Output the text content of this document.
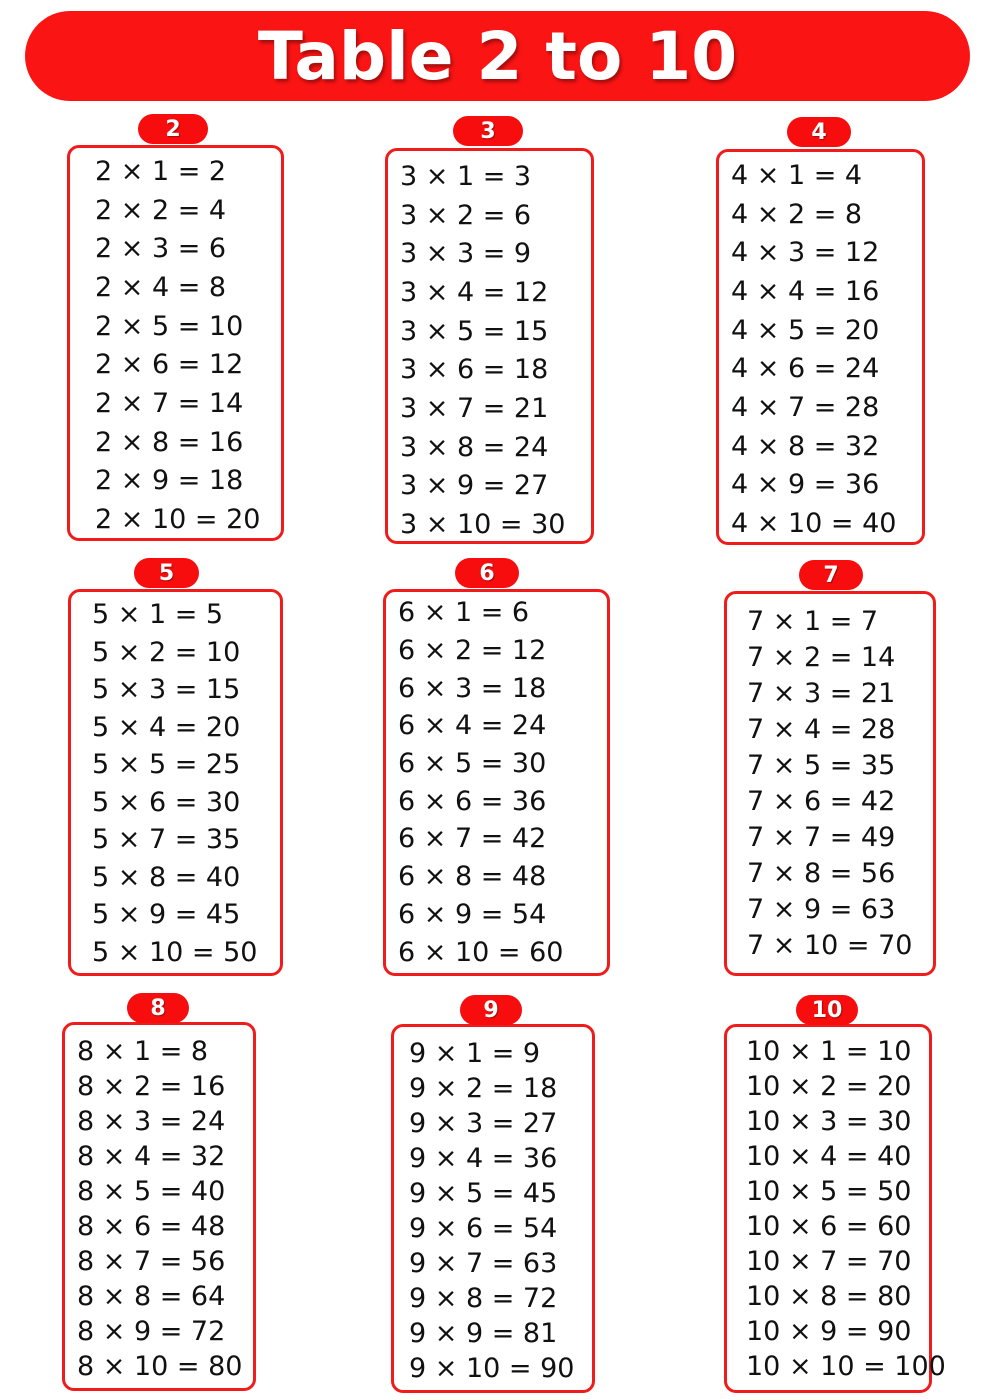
Table 2 to 10
2
2 × 1 = 2
2 × 2 = 4
2 × 3 = 6
2 × 4 = 8
2 × 5 = 10
2 × 6 = 12
2 × 7 = 14
2 × 8 = 16
2 × 9 = 18
2 × 10 = 20
3
3 × 1 = 3
3 × 2 = 6
3 × 3 = 9
3 × 4 = 12
3 × 5 = 15
3 × 6 = 18
3 × 7 = 21
3 × 8 = 24
3 × 9 = 27
3 × 10 = 30
4
4 × 1 = 4
4 × 2 = 8
4 × 3 = 12
4 × 4 = 16
4 × 5 = 20
4 × 6 = 24
4 × 7 = 28
4 × 8 = 32
4 × 9 = 36
4 × 10 = 40
5
5 × 1 = 5
5 × 2 = 10
5 × 3 = 15
5 × 4 = 20
5 × 5 = 25
5 × 6 = 30
5 × 7 = 35
5 × 8 = 40
5 × 9 = 45
5 × 10 = 50
6
6 × 1 = 6
6 × 2 = 12
6 × 3 = 18
6 × 4 = 24
6 × 5 = 30
6 × 6 = 36
6 × 7 = 42
6 × 8 = 48
6 × 9 = 54
6 × 10 = 60
7
7 × 1 = 7
7 × 2 = 14
7 × 3 = 21
7 × 4 = 28
7 × 5 = 35
7 × 6 = 42
7 × 7 = 49
7 × 8 = 56
7 × 9 = 63
7 × 10 = 70
8
8 × 1 = 8
8 × 2 = 16
8 × 3 = 24
8 × 4 = 32
8 × 5 = 40
8 × 6 = 48
8 × 7 = 56
8 × 8 = 64
8 × 9 = 72
8 × 10 = 80
9
9 × 1 = 9
9 × 2 = 18
9 × 3 = 27
9 × 4 = 36
9 × 5 = 45
9 × 6 = 54
9 × 7 = 63
9 × 8 = 72
9 × 9 = 81
9 × 10 = 90
10
10 × 1 = 10
10 × 2 = 20
10 × 3 = 30
10 × 4 = 40
10 × 5 = 50
10 × 6 = 60
10 × 7 = 70
10 × 8 = 80
10 × 9 = 90
10 × 10 = 100
